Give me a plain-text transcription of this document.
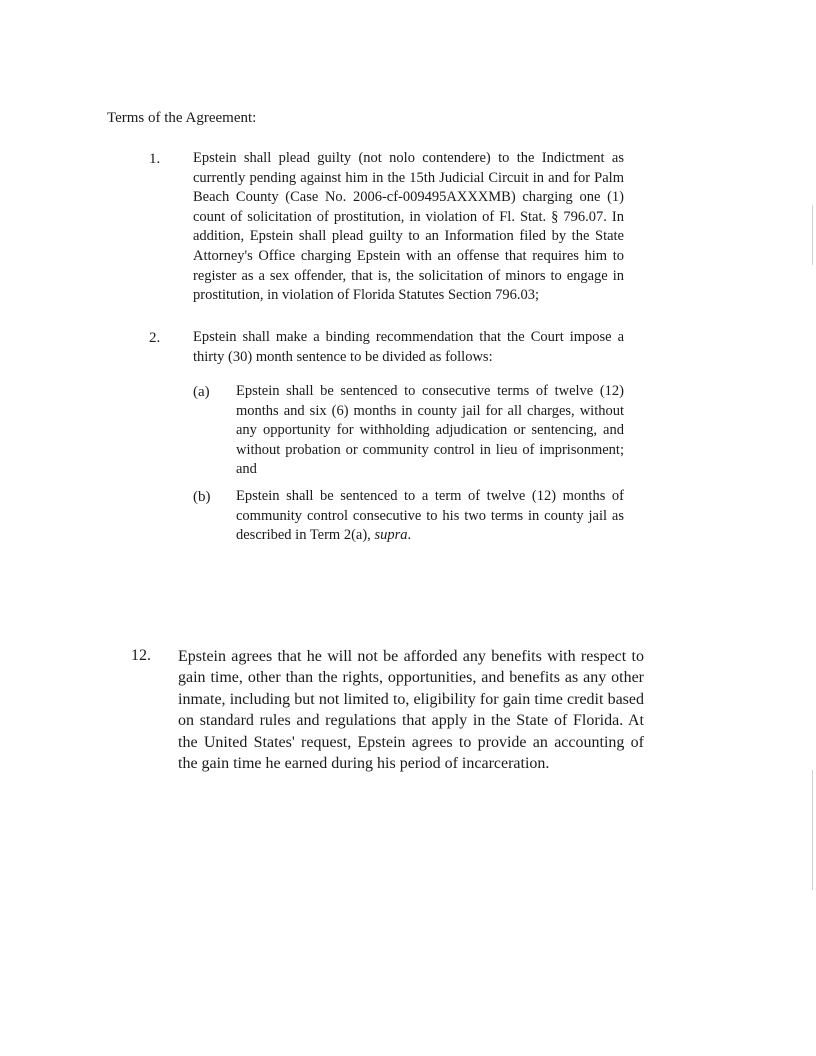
Terms of the Agreement:
1. Epstein shall plead guilty (not nolo contendere) to the Indictment as currently pending against him in the 15th Judicial Circuit in and for Palm Beach County (Case No. 2006-cf-009495AXXXMB) charging one (1) count of solicitation of prostitution, in violation of Fl. Stat. § 796.07. In addition, Epstein shall plead guilty to an Information filed by the State Attorney's Office charging Epstein with an offense that requires him to register as a sex offender, that is, the solicitation of minors to engage in prostitution, in violation of Florida Statutes Section 796.03;

2. Epstein shall make a binding recommendation that the Court impose a thirty (30) month sentence to be divided as follows:

(a) Epstein shall be sentenced to consecutive terms of twelve (12) months and six (6) months in county jail for all charges, without any opportunity for withholding adjudication or sentencing, and without probation or community control in lieu of imprisonment; and

(b) Epstein shall be sentenced to a term of twelve (12) months of community control consecutive to his two terms in county jail as described in Term 2(a), supra.

12. Epstein agrees that he will not be afforded any benefits with respect to gain time, other than the rights, opportunities, and benefits as any other inmate, including but not limited to, eligibility for gain time credit based on standard rules and regulations that apply in the State of Florida. At the United States' request, Epstein agrees to provide an accounting of the gain time he earned during his period of incarceration.
